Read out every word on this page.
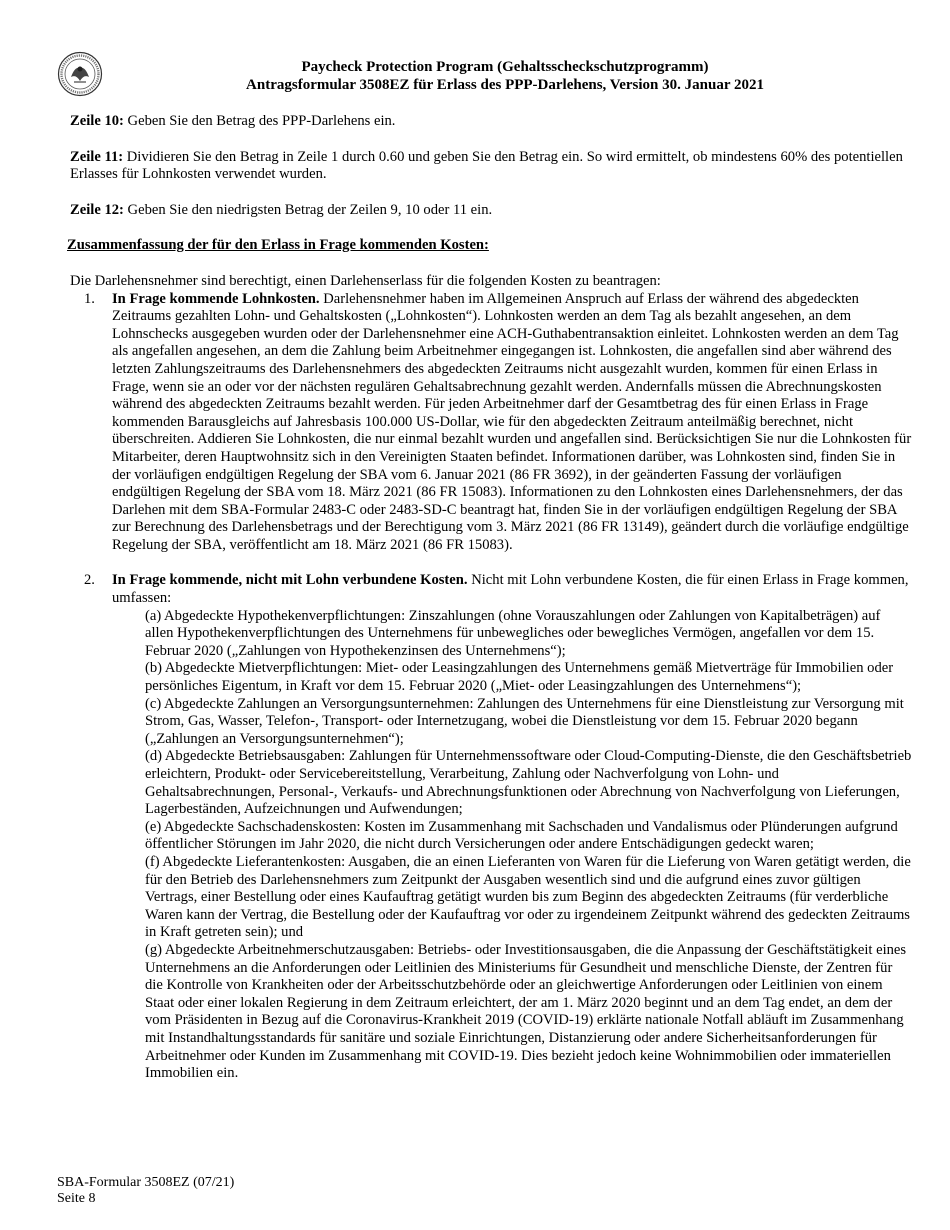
Paycheck Protection Program (Gehaltsscheckschutzprogramm)
Antragsformular 3508EZ für Erlass des PPP-Darlehens, Version 30. Januar 2021

Zeile 10: Geben Sie den Betrag des PPP-Darlehens ein.

Zeile 11: Dividieren Sie den Betrag in Zeile 1 durch 0.60 und geben Sie den Betrag ein. So wird ermittelt, ob mindestens 60% des potentiellen Erlasses für Lohnkosten verwendet wurden.

Zeile 12: Geben Sie den niedrigsten Betrag der Zeilen 9, 10 oder 11 ein.

Zusammenfassung der für den Erlass in Frage kommenden Kosten:

Die Darlehensnehmer sind berechtigt, einen Darlehenserlass für die folgenden Kosten zu beantragen:

1. In Frage kommende Lohnkosten. Darlehensnehmer haben im Allgemeinen Anspruch auf Erlass der während des abgedeckten Zeitraums gezahlten Lohn- und Gehaltskosten („Lohnkosten“). Lohnkosten werden an dem Tag als bezahlt angesehen, an dem Lohnschecks ausgegeben wurden oder der Darlehensnehmer eine ACH-Guthabentransaktion einleitet. Lohnkosten werden an dem Tag als angefallen angesehen, an dem die Zahlung beim Arbeitnehmer eingegangen ist. Lohnkosten, die angefallen sind aber während des letzten Zahlungszeitraums des Darlehensnehmers des abgedeckten Zeitraums nicht ausgezahlt wurden, kommen für einen Erlass in Frage, wenn sie an oder vor der nächsten regulären Gehaltsabrechnung gezahlt werden. Andernfalls müssen die Abrechnungskosten während des abgedeckten Zeitraums bezahlt werden. Für jeden Arbeitnehmer darf der Gesamtbetrag des für einen Erlass in Frage kommenden Barausgleichs auf Jahresbasis 100.000 US-Dollar, wie für den abgedeckten Zeitraum anteilmäßig berechnet, nicht überschreiten. Addieren Sie Lohnkosten, die nur einmal bezahlt wurden und angefallen sind. Berücksichtigen Sie nur die Lohnkosten für Mitarbeiter, deren Hauptwohnsitz sich in den Vereinigten Staaten befindet. Informationen darüber, was Lohnkosten sind, finden Sie in der vorläufigen endgültigen Regelung der SBA vom 6. Januar 2021 (86 FR 3692), in der geänderten Fassung der vorläufigen endgültigen Regelung der SBA vom 18. März 2021 (86 FR 15083). Informationen zu den Lohnkosten eines Darlehensnehmers, der das Darlehen mit dem SBA-Formular 2483-C oder 2483-SD-C beantragt hat, finden Sie in der vorläufigen endgültigen Regelung der SBA zur Berechnung des Darlehensbetrags und der Berechtigung vom 3. März 2021 (86 FR 13149), geändert durch die vorläufige endgültige Regelung der SBA, veröffentlicht am 18. März 2021 (86 FR 15083).
2. In Frage kommende, nicht mit Lohn verbundene Kosten. Nicht mit Lohn verbundene Kosten, die für einen Erlass in Frage kommen, umfassen:
(a) Abgedeckte Hypothekenverpflichtungen: Zinszahlungen (ohne Vorauszahlungen oder Zahlungen von Kapitalbeträgen) auf allen Hypothekenverpflichtungen des Unternehmens für unbewegliches oder bewegliches Vermögen, angefallen vor dem 15. Februar 2020 („Zahlungen von Hypothekenzinsen des Unternehmens“);
(b) Abgedeckte Mietverpflichtungen: Miet- oder Leasingzahlungen des Unternehmens gemäß Mietverträge für Immobilien oder persönliches Eigentum, in Kraft vor dem 15. Februar 2020 („Miet- oder Leasingzahlungen des Unternehmens“);
(c) Abgedeckte Zahlungen an Versorgungsunternehmen: Zahlungen des Unternehmens für eine Dienstleistung zur Versorgung mit Strom, Gas, Wasser, Telefon-, Transport- oder Internetzugang, wobei die Dienstleistung vor dem 15. Februar 2020 begann („Zahlungen an Versorgungsunternehmen“);
(d) Abgedeckte Betriebsausgaben: Zahlungen für Unternehmenssoftware oder Cloud-Computing-Dienste, die den Geschäftsbetrieb erleichtern, Produkt- oder Servicebereitstellung, Verarbeitung, Zahlung oder Nachverfolgung von Lohn- und Gehaltsabrechnungen, Personal-, Verkaufs- und Abrechnungsfunktionen oder Abrechnung von Nachverfolgung von Lieferungen, Lagerbeständen, Aufzeichnungen und Aufwendungen;
(e) Abgedeckte Sachschadenskosten: Kosten im Zusammenhang mit Sachschaden und Vandalismus oder Plünderungen aufgrund öffentlicher Störungen im Jahr 2020, die nicht durch Versicherungen oder andere Entschädigungen gedeckt waren;
(f) Abgedeckte Lieferantenkosten: Ausgaben, die an einen Lieferanten von Waren für die Lieferung von Waren getätigt werden, die für den Betrieb des Darlehensnehmers zum Zeitpunkt der Ausgaben wesentlich sind und die aufgrund eines zuvor gültigen Vertrags, einer Bestellung oder eines Kaufauftrag getätigt wurden bis zum Beginn des abgedeckten Zeitraums (für verderbliche Waren kann der Vertrag, die Bestellung oder der Kaufauftrag vor oder zu irgendeinem Zeitpunkt während des gedeckten Zeitraums in Kraft getreten sein); und
(g) Abgedeckte Arbeitnehmerschutzausgaben: Betriebs- oder Investitionsausgaben, die die Anpassung der Geschäftstätigkeit eines Unternehmens an die Anforderungen oder Leitlinien des Ministeriums für Gesundheit und menschliche Dienste, der Zentren für die Kontrolle von Krankheiten oder der Arbeitsschutzbehörde oder an gleichwertige Anforderungen oder Leitlinien von einem Staat oder einer lokalen Regierung in dem Zeitraum erleichtert, der am 1. März 2020 beginnt und an dem Tag endet, an dem der vom Präsidenten in Bezug auf die Coronavirus-Krankheit 2019 (COVID-19) erklärte nationale Notfall abläuft im Zusammenhang mit Instandhaltungsstandards für sanitäre und soziale Einrichtungen, Distanzierung oder andere Sicherheitsanforderungen für Arbeitnehmer oder Kunden im Zusammenhang mit COVID-19. Dies bezieht jedoch keine Wohnimmobilien oder immateriellen Immobilien ein.
SBA-Formular 3508EZ (07/21)
Seite 8
